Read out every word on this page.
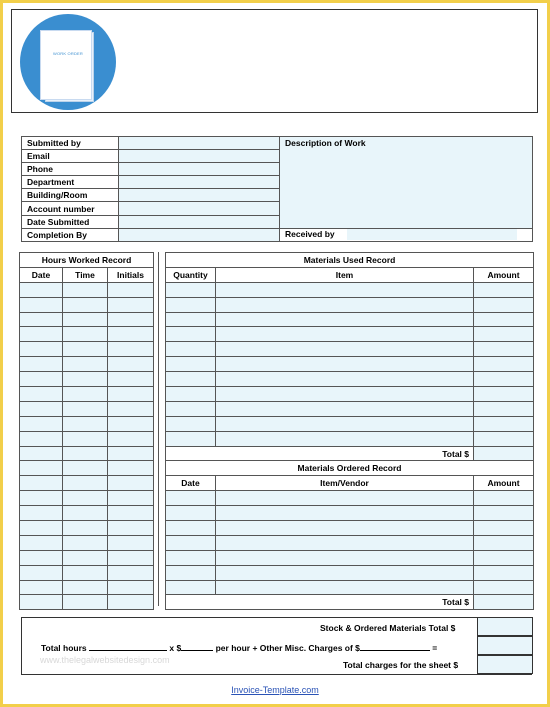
WORK ORDER
Submitted by		Description of Work
Email		
Phone		
Department		
Building/Room		
Account number		
Date Submitted		
Completion By		Received by
Hours Worked Record		
Date	Time	Initials

Materials Used Record		
Quantity	Item	Amount

Total $		
Materials Ordered Record		
Date	Item/Vendor	Amount

Total $		
Stock & Ordered Materials Total $
Total hours	x $	per hour + Other Misc. Charges of $	=
Total charges for the sheet $
www.thelegalwebsitedesign.com
Invoice-Template.com
